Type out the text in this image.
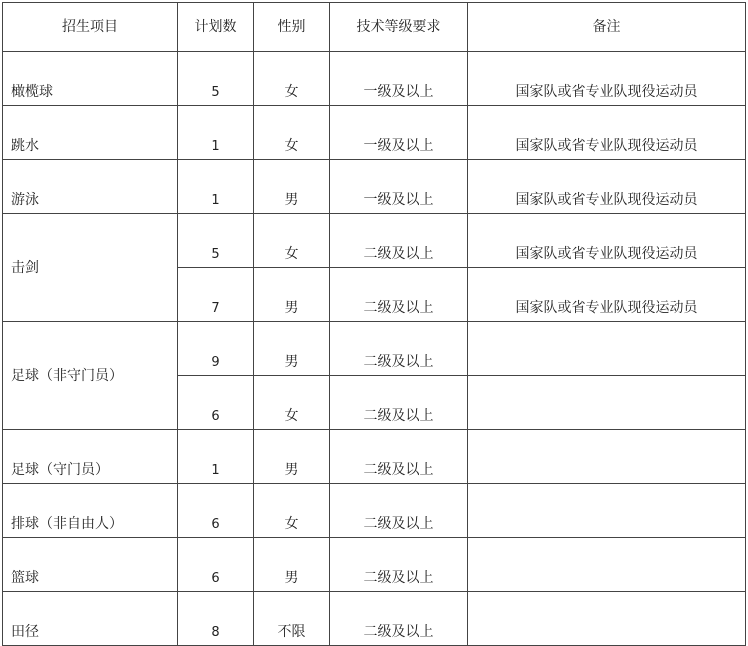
招生项目	计划数	性别	技术等级要求	备注
橄榄球	5	女	一级及以上	国家队或省专业队现役运动员
跳水	1	女	一级及以上	国家队或省专业队现役运动员
游泳	1	男	一级及以上	国家队或省专业队现役运动员
击剑	5	女	二级及以上	国家队或省专业队现役运动员
	7	男	二级及以上	国家队或省专业队现役运动员
足球（非守门员）	9	男	二级及以上	
	6	女	二级及以上	
足球（守门员）	1	男	二级及以上	
排球（非自由人）	6	女	二级及以上	
篮球	6	男	二级及以上	
田径	8	不限	二级及以上	
